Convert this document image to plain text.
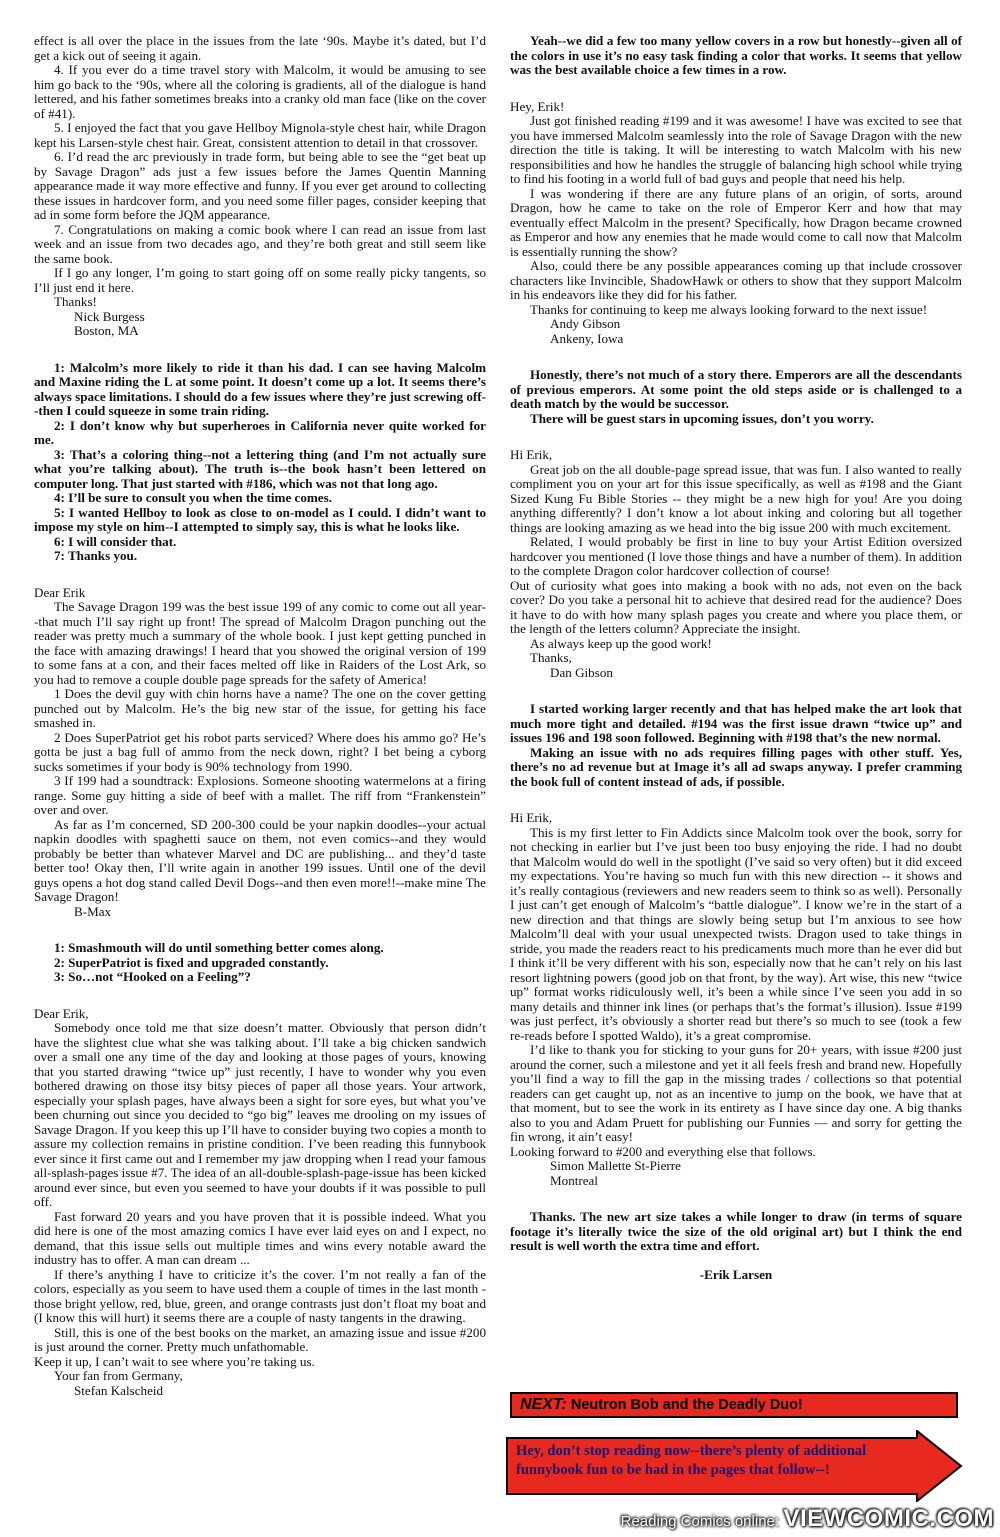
effect is all over the place in the issues from the late ‘90s. Maybe it’s dated, but I’d get a kick out of seeing it again.

4. If you ever do a time travel story with Malcolm, it would be amusing to see him go back to the ‘90s, where all the coloring is gradients, all of the dialogue is hand lettered, and his father sometimes breaks into a cranky old man face (like on the cover of #41).

5. I enjoyed the fact that you gave Hellboy Mignola-style chest hair, while Dragon kept his Larsen-style chest hair. Great, consistent attention to detail in that crossover.

6. I’d read the arc previously in trade form, but being able to see the “get beat up by Savage Dragon” ads just a few issues before the James Quentin Manning appearance made it way more effective and funny. If you ever get around to collecting these issues in hardcover form, and you need some filler pages, consider keeping that ad in some form before the JQM appearance.

7. Congratulations on making a comic book where I can read an issue from last week and an issue from two decades ago, and they’re both great and still seem like the same book.

If I go any longer, I’m going to start going off on some really picky tangents, so I’ll just end it here.

Thanks!

Nick Burgess

Boston, MA

1: Malcolm’s more likely to ride it than his dad. I can see having Malcolm and Maxine riding the L at some point. It doesn’t come up a lot. It seems there’s always space limitations. I should do a few issues where they’re just screwing off--then I could squeeze in some train riding.

2: I don’t know why but superheroes in California never quite worked for me.

3: That’s a coloring thing--not a lettering thing (and I’m not actually sure what you’re talking about). The truth is--the book hasn’t been lettered on computer long. That just started with #186, which was not that long ago.

4: I’ll be sure to consult you when the time comes.

5: I wanted Hellboy to look as close to on-model as I could. I didn’t want to impose my style on him--I attempted to simply say, this is what he looks like.

6: I will consider that.

7: Thanks you.

Dear Erik

The Savage Dragon 199 was the best issue 199 of any comic to come out all year--that much I’ll say right up front! The spread of Malcolm Dragon punching out the reader was pretty much a summary of the whole book. I just kept getting punched in the face with amazing drawings! I heard that you showed the original version of 199 to some fans at a con, and their faces melted off like in Raiders of the Lost Ark, so you had to remove a couple double page spreads for the safety of America!

1 Does the devil guy with chin horns have a name? The one on the cover getting punched out by Malcolm. He’s the big new star of the issue, for getting his face smashed in.

2 Does SuperPatriot get his robot parts serviced? Where does his ammo go? He’s gotta be just a bag full of ammo from the neck down, right? I bet being a cyborg sucks sometimes if your body is 90% technology from 1990.

3 If 199 had a soundtrack: Explosions. Someone shooting watermelons at a firing range. Some guy hitting a side of beef with a mallet. The riff from “Frankenstein” over and over.

As far as I’m concerned, SD 200-300 could be your napkin doodles--your actual napkin doodles with spaghetti sauce on them, not even comics--and they would probably be better than whatever Marvel and DC are publishing... and they’d taste better too! Okay then, I’ll write again in another 199 issues. Until one of the devil guys opens a hot dog stand called Devil Dogs--and then even more!!--make mine The Savage Dragon!

B-Max

1: Smashmouth will do until something better comes along.

2: SuperPatriot is fixed and upgraded constantly.

3: So…not “Hooked on a Feeling”?

Dear Erik,

Somebody once told me that size doesn’t matter. Obviously that person didn’t have the slightest clue what she was talking about. I’ll take a big chicken sandwich over a small one any time of the day and looking at those pages of yours, knowing that you started drawing “twice up” just recently, I have to wonder why you even bothered drawing on those itsy bitsy pieces of paper all those years. Your artwork, especially your splash pages, have always been a sight for sore eyes, but what you’ve been churning out since you decided to “go big” leaves me drooling on my issues of Savage Dragon. If you keep this up I’ll have to consider buying two copies a month to assure my collection remains in pristine condition. I’ve been reading this funnybook ever since it first came out and I remember my jaw dropping when I read your famous all-splash-pages issue #7. The idea of an all-double-splash-page-issue has been kicked around ever since, but even you seemed to have your doubts if it was possible to pull off.

Fast forward 20 years and you have proven that it is possible indeed. What you did here is one of the most amazing comics I have ever laid eyes on and I expect, no demand, that this issue sells out multiple times and wins every notable award the industry has to offer. A man can dream ...

If there’s anything I have to criticize it’s the cover. I’m not really a fan of the colors, especially as you seem to have used them a couple of times in the last month - those bright yellow, red, blue, green, and orange contrasts just don’t float my boat and (I know this will hurt) it seems there are a couple of nasty tangents in the drawing.

Still, this is one of the best books on the market, an amazing issue and issue #200 is just around the corner. Pretty much unfathomable.

Keep it up, I can’t wait to see where you’re taking us.

Your fan from Germany,

Stefan Kalscheid

Yeah--we did a few too many yellow covers in a row but honestly--given all of the colors in use it’s no easy task finding a color that works. It seems that yellow was the best available choice a few times in a row.

Hey, Erik!

Just got finished reading #199 and it was awesome! I have was excited to see that you have immersed Malcolm seamlessly into the role of Savage Dragon with the new direction the title is taking. It will be interesting to watch Malcolm with his new responsibilities and how he handles the struggle of balancing high school while trying to find his footing in a world full of bad guys and people that need his help.

I was wondering if there are any future plans of an origin, of sorts, around Dragon, how he came to take on the role of Emperor Kerr and how that may eventually effect Malcolm in the present? Specifically, how Dragon became crowned as Emperor and how any enemies that he made would come to call now that Malcolm is essentially running the show?

Also, could there be any possible appearances coming up that include crossover characters like Invincible, ShadowHawk or others to show that they support Malcolm in his endeavors like they did for his father.

Thanks for continuing to keep me always looking forward to the next issue!

Andy Gibson

Ankeny, Iowa

Honestly, there’s not much of a story there. Emperors are all the descendants of previous emperors. At some point the old steps aside or is challenged to a death match by the would be successor.

There will be guest stars in upcoming issues, don’t you worry.

Hi Erik,

Great job on the all double-page spread issue, that was fun. I also wanted to really compliment you on your art for this issue specifically, as well as #198 and the Giant Sized Kung Fu Bible Stories -- they might be a new high for you! Are you doing anything differently? I don’t know a lot about inking and coloring but all together things are looking amazing as we head into the big issue 200 with much excitement.

Related, I would probably be first in line to buy your Artist Edition oversized hardcover you mentioned (I love those things and have a number of them). In addition to the complete Dragon color hardcover collection of course!

Out of curiosity what goes into making a book with no ads, not even on the back cover? Do you take a personal hit to achieve that desired read for the audience? Does it have to do with how many splash pages you create and where you place them, or the length of the letters column? Appreciate the insight.

As always keep up the good work!

Thanks,

Dan Gibson

I started working larger recently and that has helped make the art look that much more tight and detailed. #194 was the first issue drawn “twice up” and issues 196 and 198 soon followed. Beginning with #198 that’s the new normal.

Making an issue with no ads requires filling pages with other stuff. Yes, there’s no ad revenue but at Image it’s all ad swaps anyway. I prefer cramming the book full of content instead of ads, if possible.

Hi Erik,

This is my first letter to Fin Addicts since Malcolm took over the book, sorry for not checking in earlier but I’ve just been too busy enjoying the ride. I had no doubt that Malcolm would do well in the spotlight (I’ve said so very often) but it did exceed my expectations. You’re having so much fun with this new direction -- it shows and it’s really contagious (reviewers and new readers seem to think so as well). Personally I just can’t get enough of Malcolm’s “battle dialogue”. I know we’re in the start of a new direction and that things are slowly being setup but I’m anxious to see how Malcolm’ll deal with your usual unexpected twists. Dragon used to take things in stride, you made the readers react to his predicaments much more than he ever did but I think it’ll be very different with his son, especially now that he can’t rely on his last resort lightning powers (good job on that front, by the way). Art wise, this new “twice up” format works ridiculously well, it’s been a while since I’ve seen you add in so many details and thinner ink lines (or perhaps that’s the format’s illusion). Issue #199 was just perfect, it’s obviously a shorter read but there’s so much to see (took a few re-reads before I spotted Waldo), it’s a great compromise.

I’d like to thank you for sticking to your guns for 20+ years, with issue #200 just around the corner, such a milestone and yet it all feels fresh and brand new. Hopefully you’ll find a way to fill the gap in the missing trades / collections so that potential readers can get caught up, not as an incentive to jump on the book, we have that at that moment, but to see the work in its entirety as I have since day one. A big thanks also to you and Adam Pruett for publishing our Funnies — and sorry for getting the fin wrong, it ain’t easy!

Looking forward to #200 and everything else that follows.

Simon Mallette St-Pierre

Montreal

Thanks. The new art size takes a while longer to draw (in terms of square footage it’s literally twice the size of the old original art) but I think the end result is well worth the extra time and effort.

-Erik Larsen

NEXT: Neutron Bob and the Deadly Duo!
Hey, don’t stop reading now--there’s plenty of additional funnybook fun to be had in the pages that follow--!
Reading Comics online: VIEWCOMIC.COM
